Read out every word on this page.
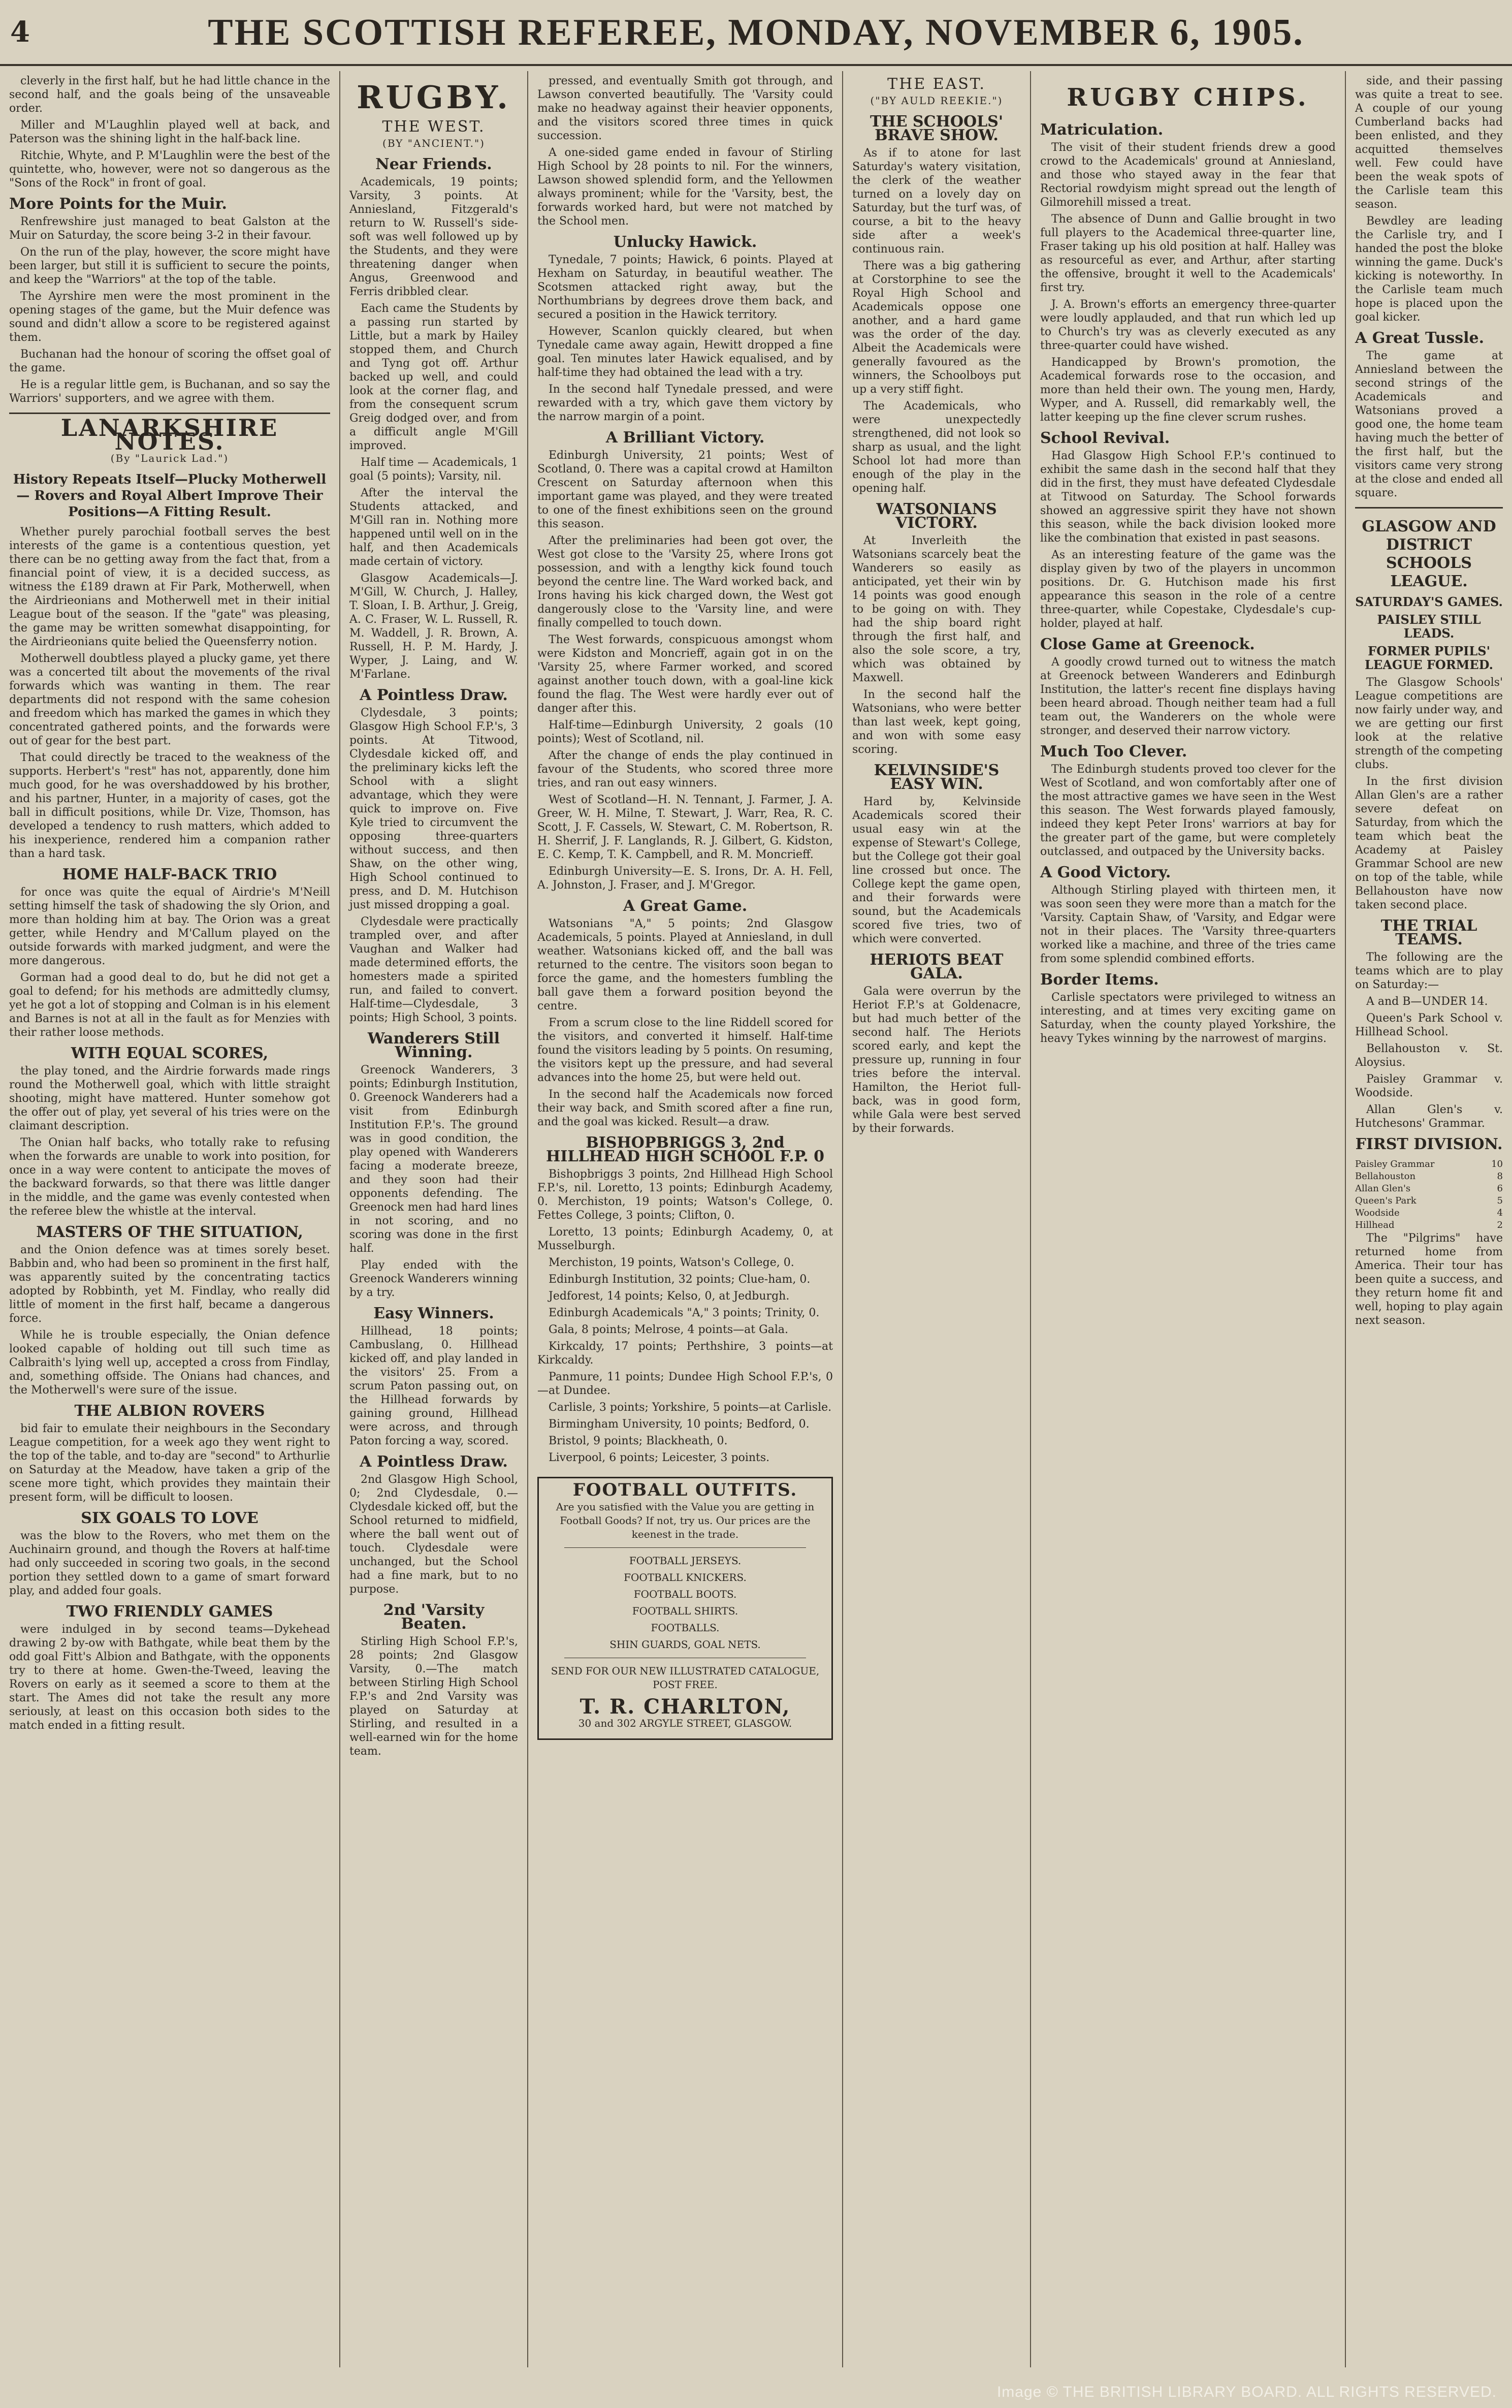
4	THE SCOTTISH REFEREE, MONDAY, NOVEMBER 6, 1905.

cleverly in the first half, but he had little chance in the second half, and the goals being of the unsaveable order.

Miller and M'Laughlin played well at back, and Paterson was the shining light in the half-back line.

Ritchie, Whyte, and P. M'Laughlin were the best of the quintette, who, however, were not so dangerous as the "Sons of the Rock" in front of goal.

More Points for the Muir.

Renfrewshire just managed to beat Galston at the Muir on Saturday, the score being 3-2 in their favour.

On the run of the play, however, the score might have been larger, but still it is sufficient to secure the points, and keep the "Warriors" at the top of the table.

The Ayrshire men were the most prominent in the opening stages of the game, but the Muir defence was sound and didn't allow a score to be registered against them.

Buchanan had the honour of scoring the offset goal of the game.

He is a regular little gem, is Buchanan, and so say the Warriors' supporters, and we agree with them.

LANARKSHIRE NOTES.
(By "Laurick Lad.")
History Repeats Itself—Plucky Motherwell — Rovers and Royal Albert Improve Their Positions—A Fitting Result.

Whether purely parochial football serves the best interests of the game is a contentious question, yet there can be no getting away from the fact that, from a financial point of view, it is a decided success, as witness the £189 drawn at Fir Park, Motherwell, when the Airdrieonians and Motherwell met in their initial League bout of the season. If the "gate" was pleasing, the game may be written somewhat disappointing, for the Airdrieonians quite belied the Queensferry notion.

Motherwell doubtless played a plucky game, yet there was a concerted tilt about the movements of the rival forwards which was wanting in them. The rear departments did not respond with the same cohesion and freedom which has marked the games in which they concentrated gathered points, and the forwards were out of gear for the best part.

That could directly be traced to the weakness of the supports. Herbert's "rest" has not, apparently, done him much good, for he was overshaddowed by his brother, and his partner, Hunter, in a majority of cases, got the ball in difficult positions, while Dr. Vize, Thomson, has developed a tendency to rush matters, which added to his inexperience, rendered him a companion rather than a hard task.

HOME HALF-BACK TRIO

for once was quite the equal of Airdrie's M'Neill setting himself the task of shadowing the sly Orion, and more than holding him at bay. The Orion was a great getter, while Hendry and M'Callum played on the outside forwards with marked judgment, and were the more dangerous.

Gorman had a good deal to do, but he did not get a goal to defend; for his methods are admittedly clumsy, yet he got a lot of stopping and Colman is in his element and Barnes is not at all in the fault as for Menzies with their rather loose methods.

WITH EQUAL SCORES,

the play toned, and the Airdrie forwards made rings round the Motherwell goal, which with little straight shooting, might have mattered. Hunter somehow got the offer out of play, yet several of his tries were on the claimant description.

The Onian half backs, who totally rake to refusing when the forwards are unable to work into position, for once in a way were content to anticipate the moves of the backward forwards, so that there was little danger in the middle, and the game was evenly contested when the referee blew the whistle at the interval.

MASTERS OF THE SITUATION,

and the Onion defence was at times sorely beset. Babbin and, who had been so prominent in the first half, was apparently suited by the concentrating tactics adopted by Robbinth, yet M. Findlay, who really did little of moment in the first half, became a dangerous force.

While he is trouble especially, the Onian defence looked capable of holding out till such time as Calbraith's lying well up, accepted a cross from Findlay, and, something offside. The Onians had chances, and the Motherwell's were sure of the issue.

THE ALBION ROVERS

bid fair to emulate their neighbours in the Secondary League competition, for a week ago they went right to the top of the table, and to-day are "second" to Arthurlie on Saturday at the Meadow, have taken a grip of the scene more tight, which provides they maintain their present form, will be difficult to loosen.

SIX GOALS TO LOVE

was the blow to the Rovers, who met them on the Auchinairn ground, and though the Rovers at half-time had only succeeded in scoring two goals, in the second portion they settled down to a game of smart forward play, and added four goals.

TWO FRIENDLY GAMES

were indulged in by second teams—Dykehead drawing 2 by-ow with Bathgate, while beat them by the odd goal Fitt's Albion and Bathgate, with the opponents try to there at home. Gwen-the-Tweed, leaving the Rovers on early as it seemed a score to them at the start. The Ames did not take the result any more seriously, at least on this occasion both sides to the match ended in a fitting result.

RUGBY.
THE WEST.
(BY "ANCIENT.")
Near Friends.

Academicals, 19 points; Varsity, 3 points. At Anniesland, Fitzgerald's return to W. Russell's side-soft was well followed up by the Students, and they were threatening danger when Angus, Greenwood and Ferris dribbled clear.

Each came the Students by a passing run started by Little, but a mark by Hailey stopped them, and Church and Tyng got off. Arthur backed up well, and could look at the corner flag, and from the consequent scrum Greig dodged over, and from a difficult angle M'Gill improved.

Half time — Academicals, 1 goal (5 points); Varsity, nil.

After the interval the Students attacked, and M'Gill ran in. Nothing more happened until well on in the half, and then Academicals made certain of victory.

Glasgow Academicals—J. M'Gill, W. Church, J. Halley, T. Sloan, I. B. Arthur, J. Greig, A. C. Fraser, W. L. Russell, R. M. Waddell, J. R. Brown, A. Russell, H. P. M. Hardy, J. Wyper, J. Laing, and W. M'Farlane.

A Pointless Draw.

Clydesdale, 3 points; Glasgow High School F.P.'s, 3 points. At Titwood, Clydesdale kicked off, and the preliminary kicks left the School with a slight advantage, which they were quick to improve on. Five Kyle tried to circumvent the opposing three-quarters without success, and then Shaw, on the other wing, High School continued to press, and D. M. Hutchison just missed dropping a goal.

Clydesdale were practically trampled over, and after Vaughan and Walker had made determined efforts, the homesters made a spirited run, and failed to convert. Half-time—Clydesdale, 3 points; High School, 3 points.

Wanderers Still Winning.

Greenock Wanderers, 3 points; Edinburgh Institution, 0. Greenock Wanderers had a visit from Edinburgh Institution F.P.'s. The ground was in good condition, the play opened with Wanderers facing a moderate breeze, and they soon had their opponents defending. The Greenock men had hard lines in not scoring, and no scoring was done in the first half.

Play ended with the Greenock Wanderers winning by a try.

Easy Winners.

Hillhead, 18 points; Cambuslang, 0. Hillhead kicked off, and play landed in the visitors' 25. From a scrum Paton passing out, on the Hillhead forwards by gaining ground, Hillhead were across, and through Paton forcing a way, scored.

A Pointless Draw.

2nd Glasgow High School, 0; 2nd Clydesdale, 0.—Clydesdale kicked off, but the School returned to midfield, where the ball went out of touch. Clydesdale were unchanged, but the School had a fine mark, but to no purpose.

2nd 'Varsity Beaten.

Stirling High School F.P.'s, 28 points; 2nd Glasgow Varsity, 0.—The match between Stirling High School F.P.'s and 2nd Varsity was played on Saturday at Stirling, and resulted in a well-earned win for the home team.

pressed, and eventually Smith got through, and Lawson converted beautifully. The 'Varsity could make no headway against their heavier opponents, and the visitors scored three times in quick succession.

A one-sided game ended in favour of Stirling High School by 28 points to nil. For the winners, Lawson showed splendid form, and the Yellowmen always prominent; while for the 'Varsity, best, the forwards worked hard, but were not matched by the School men.

Unlucky Hawick.

Tynedale, 7 points; Hawick, 6 points. Played at Hexham on Saturday, in beautiful weather. The Scotsmen attacked right away, but the Northumbrians by degrees drove them back, and secured a position in the Hawick territory.

However, Scanlon quickly cleared, but when Tynedale came away again, Hewitt dropped a fine goal. Ten minutes later Hawick equalised, and by half-time they had obtained the lead with a try.

In the second half Tynedale pressed, and were rewarded with a try, which gave them victory by the narrow margin of a point.

A Brilliant Victory.

Edinburgh University, 21 points; West of Scotland, 0. There was a capital crowd at Hamilton Crescent on Saturday afternoon when this important game was played, and they were treated to one of the finest exhibitions seen on the ground this season.

After the preliminaries had been got over, the West got close to the 'Varsity 25, where Irons got possession, and with a lengthy kick found touch beyond the centre line. The Ward worked back, and Irons having his kick charged down, the West got dangerously close to the 'Varsity line, and were finally compelled to touch down.

The West forwards, conspicuous amongst whom were Kidston and Moncrieff, again got in on the 'Varsity 25, where Farmer worked, and scored against another touch down, with a goal-line kick found the flag. The West were hardly ever out of danger after this.

Half-time—Edinburgh University, 2 goals (10 points); West of Scotland, nil.

After the change of ends the play continued in favour of the Students, who scored three more tries, and ran out easy winners.

West of Scotland—H. N. Tennant, J. Farmer, J. A. Greer, W. H. Milne, T. Stewart, J. Warr, Rea, R. C. Scott, J. F. Cassels, W. Stewart, C. M. Robertson, R. H. Sherrif, J. F. Langlands, R. J. Gilbert, G. Kidston, E. C. Kemp, T. K. Campbell, and R. M. Moncrieff.

Edinburgh University—E. S. Irons, Dr. A. H. Fell, A. Johnston, J. Fraser, and J. M'Gregor.

A Great Game.

Watsonians "A," 5 points; 2nd Glasgow Academicals, 5 points. Played at Anniesland, in dull weather. Watsonians kicked off, and the ball was returned to the centre. The visitors soon began to force the game, and the homesters fumbling the ball gave them a forward position beyond the centre.

From a scrum close to the line Riddell scored for the visitors, and converted it himself. Half-time found the visitors leading by 5 points. On resuming, the visitors kept up the pressure, and had several advances into the home 25, but were held out.

In the second half the Academicals now forced their way back, and Smith scored after a fine run, and the goal was kicked. Result—a draw.

BISHOPBRIGGS 3, 2nd HILLHEAD HIGH SCHOOL F.P. 0

Bishopbriggs 3 points, 2nd Hillhead High School F.P.'s, nil. Loretto, 13 points; Edinburgh Academy, 0. Merchiston, 19 points; Watson's College, 0. Fettes College, 3 points; Clifton, 0.

Loretto, 13 points; Edinburgh Academy, 0, at Musselburgh.

Merchiston, 19 points, Watson's College, 0.

Edinburgh Institution, 32 points; Clue-ham, 0.

Jedforest, 14 points; Kelso, 0, at Jedburgh.

Edinburgh Academicals "A," 3 points; Trinity, 0.

Gala, 8 points; Melrose, 4 points—at Gala.

Kirkcaldy, 17 points; Perthshire, 3 points—at Kirkcaldy.

Panmure, 11 points; Dundee High School F.P.'s, 0—at Dundee.

Carlisle, 3 points; Yorkshire, 5 points—at Carlisle.

Birmingham University, 10 points; Bedford, 0.

Bristol, 9 points; Blackheath, 0.

Liverpool, 6 points; Leicester, 3 points.

FOOTBALL OUTFITS.
Are you satisfied with the Value you are getting in Football Goods? If not, try us. Our prices are the keenest in the trade.
FOOTBALL JERSEYS.
FOOTBALL KNICKERS.
FOOTBALL BOOTS.
FOOTBALL SHIRTS.
FOOTBALLS.
SHIN GUARDS, GOAL NETS.
SEND FOR OUR NEW ILLUSTRATED CATALOGUE, POST FREE.
T. R. CHARLTON,
30 and 302 ARGYLE STREET, GLASGOW.
THE EAST.
("BY AULD REEKIE.")
THE SCHOOLS' BRAVE SHOW.

As if to atone for last Saturday's watery visitation, the clerk of the weather turned on a lovely day on Saturday, but the turf was, of course, a bit to the heavy side after a week's continuous rain.

There was a big gathering at Corstorphine to see the Royal High School and Academicals oppose one another, and a hard game was the order of the day. Albeit the Academicals were generally favoured as the winners, the Schoolboys put up a very stiff fight.

The Academicals, who were unexpectedly strengthened, did not look so sharp as usual, and the light School lot had more than enough of the play in the opening half.

WATSONIANS VICTORY.

At Inverleith the Watsonians scarcely beat the Wanderers so easily as anticipated, yet their win by 14 points was good enough to be going on with. They had the ship board right through the first half, and also the sole score, a try, which was obtained by Maxwell.

In the second half the Watsonians, who were better than last week, kept going, and won with some easy scoring.

KELVINSIDE'S EASY WIN.

Hard by, Kelvinside Academicals scored their usual easy win at the expense of Stewart's College, but the College got their goal line crossed but once. The College kept the game open, and their forwards were sound, but the Academicals scored five tries, two of which were converted.

HERIOTS BEAT GALA.

Gala were overrun by the Heriot F.P.'s at Goldenacre, but had much better of the second half. The Heriots scored early, and kept the pressure up, running in four tries before the interval. Hamilton, the Heriot full-back, was in good form, while Gala were best served by their forwards.

RUGBY CHIPS.
Matriculation.

The visit of their student friends drew a good crowd to the Academicals' ground at Anniesland, and those who stayed away in the fear that Rectorial rowdyism might spread out the length of Gilmorehill missed a treat.

The absence of Dunn and Gallie brought in two full players to the Academical three-quarter line, Fraser taking up his old position at half. Halley was as resourceful as ever, and Arthur, after starting the offensive, brought it well to the Academicals' first try.

J. A. Brown's efforts an emergency three-quarter were loudly applauded, and that run which led up to Church's try was as cleverly executed as any three-quarter could have wished.

Handicapped by Brown's promotion, the Academical forwards rose to the occasion, and more than held their own. The young men, Hardy, Wyper, and A. Russell, did remarkably well, the latter keeping up the fine clever scrum rushes.

School Revival.

Had Glasgow High School F.P.'s continued to exhibit the same dash in the second half that they did in the first, they must have defeated Clydesdale at Titwood on Saturday. The School forwards showed an aggressive spirit they have not shown this season, while the back division looked more like the combination that existed in past seasons.

As an interesting feature of the game was the display given by two of the players in uncommon positions. Dr. G. Hutchison made his first appearance this season in the role of a centre three-quarter, while Copestake, Clydesdale's cup-holder, played at half.

Close Game at Greenock.

A goodly crowd turned out to witness the match at Greenock between Wanderers and Edinburgh Institution, the latter's recent fine displays having been heard abroad. Though neither team had a full team out, the Wanderers on the whole were stronger, and deserved their narrow victory.

Much Too Clever.

The Edinburgh students proved too clever for the West of Scotland, and won comfortably after one of the most attractive games we have seen in the West this season. The West forwards played famously, indeed they kept Peter Irons' warriors at bay for the greater part of the game, but were completely outclassed, and outpaced by the University backs.

A Good Victory.

Although Stirling played with thirteen men, it was soon seen they were more than a match for the 'Varsity. Captain Shaw, of 'Varsity, and Edgar were not in their places. The 'Varsity three-quarters worked like a machine, and three of the tries came from some splendid combined efforts.

Border Items.

Carlisle spectators were privileged to witness an interesting, and at times very exciting game on Saturday, when the county played Yorkshire, the heavy Tykes winning by the narrowest of margins.

side, and their passing was quite a treat to see. A couple of our young Cumberland backs had been enlisted, and they acquitted themselves well. Few could have been the weak spots of the Carlisle team this season.

Bewdley are leading the Carlisle try, and I handed the post the bloke winning the game. Duck's kicking is noteworthy. In the Carlisle team much hope is placed upon the goal kicker.

A Great Tussle.

The game at Anniesland between the second strings of the Academicals and Watsonians proved a good one, the home team having much the better of the first half, but the visitors came very strong at the close and ended all square.

GLASGOW AND DISTRICT SCHOOLS LEAGUE.
SATURDAY'S GAMES.
PAISLEY STILL LEADS.
FORMER PUPILS' LEAGUE FORMED.

The Glasgow Schools' League competitions are now fairly under way, and we are getting our first look at the relative strength of the competing clubs.

In the first division Allan Glen's are a rather severe defeat on Saturday, from which the team which beat the Academy at Paisley Grammar School are new on top of the table, while Bellahouston have now taken second place.

THE TRIAL TEAMS.

The following are the teams which are to play on Saturday:—

A and B—UNDER 14.

Queen's Park School v. Hillhead School.

Bellahouston v. St. Aloysius.

Paisley Grammar v. Woodside.

Allan Glen's v. Hutchesons' Grammar.

FIRST DIVISION.
Paisley Grammar	10
Bellahouston	8
Allan Glen's	6
Queen's Park	5
Woodside	4
Hillhead	2

The "Pilgrims" have returned home from America. Their tour has been quite a success, and they return home fit and well, hoping to play again next season.

Image © THE BRITISH LIBRARY BOARD. ALL RIGHTS RESERVED.
